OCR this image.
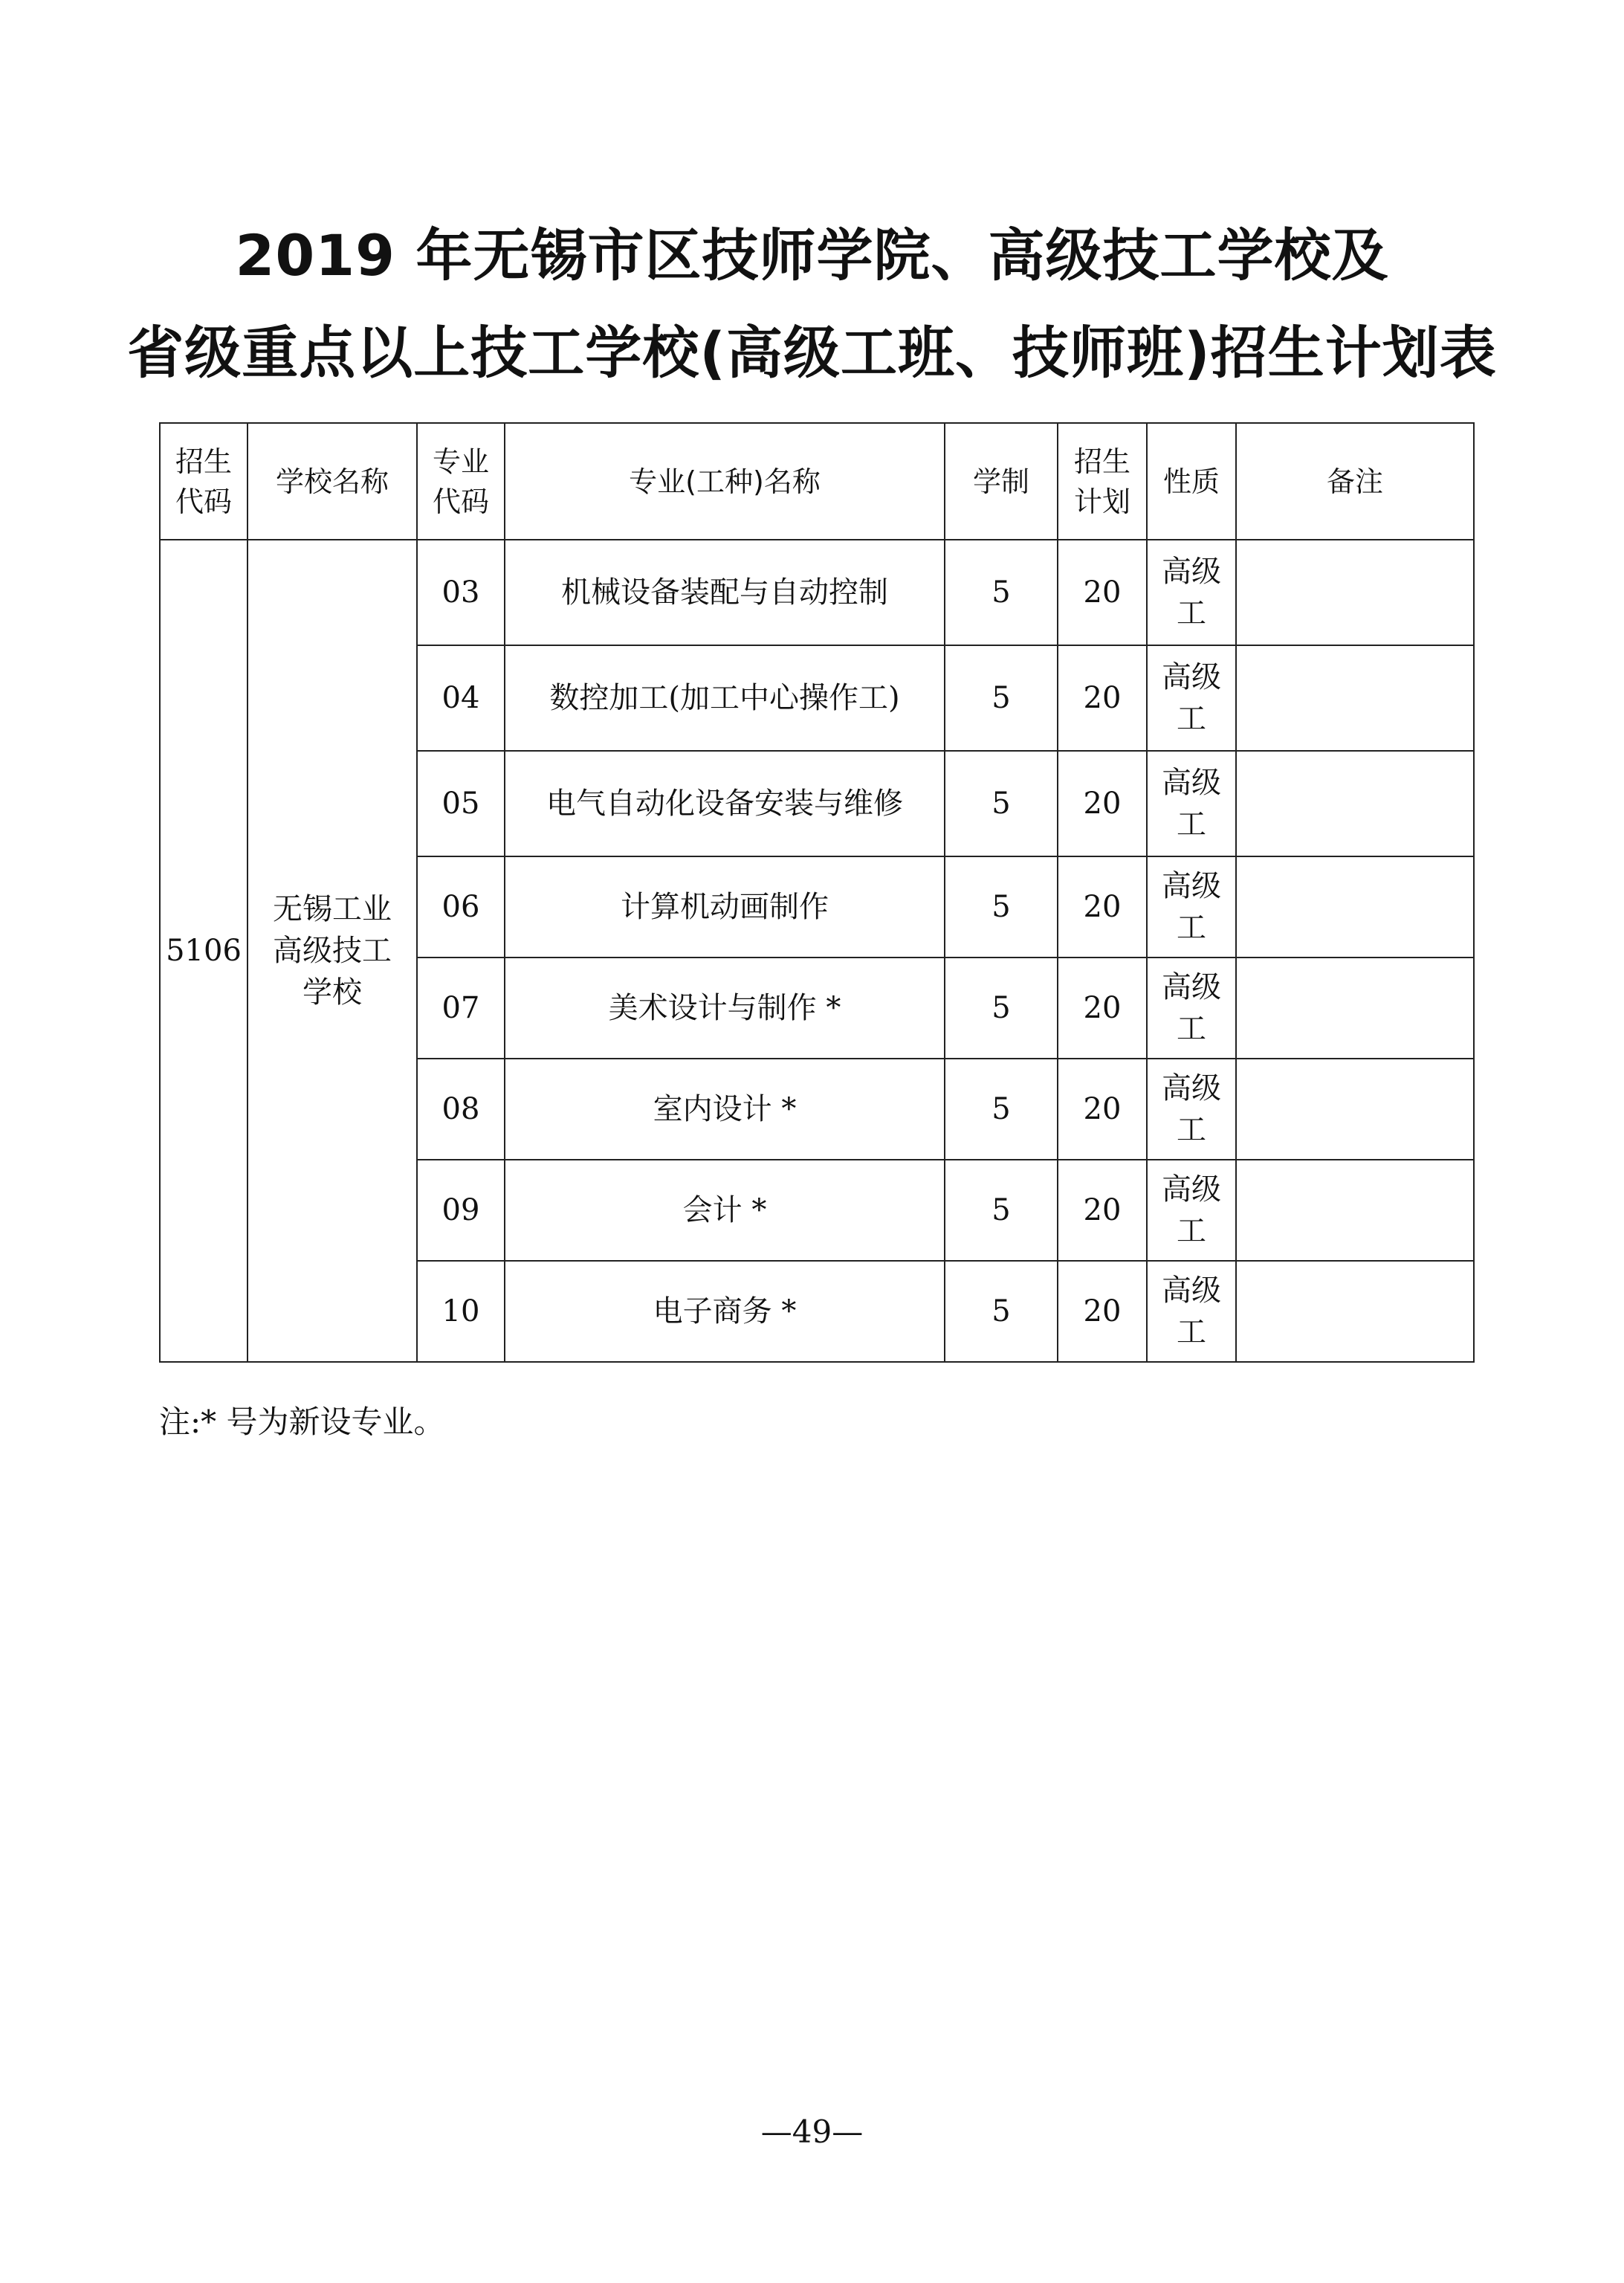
2019 年无锡市区技师学院、高级技工学校及
省级重点以上技工学校(高级工班、技师班)招生计划表
招生代码	学校名称	专业代码	专业(工种)名称	学制	招生计划	性质	备注
5106	无锡工业高级技工学校	03	机械设备装配与自动控制	5	20	高级工	
		04	数控加工(加工中心操作工)	5	20	高级工	
		05	电气自动化设备安装与维修	5	20	高级工	
		06	计算机动画制作	5	20	高级工	
		07	美术设计与制作 *	5	20	高级工	
		08	室内设计 *	5	20	高级工	
		09	会计 *	5	20	高级工	
		10	电子商务 *	5	20	高级工	
注:* 号为新设专业。
—49—
